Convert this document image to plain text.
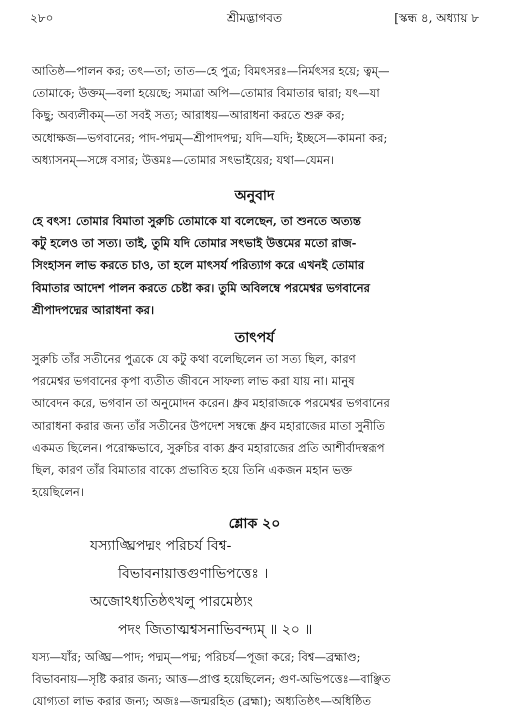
২৮০	শ্রীমদ্ভাগবত	[স্কন্ধ ৪, অধ্যায় ৮

আতিষ্ঠ—পালন কর; তৎ—তা; তাত—হে পুত্র; বিমৎসরঃ—নির্মৎসর হয়ে; ত্বম্—

তোমাকে; উক্তম্—বলা হয়েছে; সমাত্রা অপি—তোমার বিমাতার দ্বারা; যৎ—যা

কিছু; অব্যলীকম্—তা সবই সত্য; আরাধয়—আরাধনা করতে শুরু কর;

অধোক্ষজ—ভগবানের; পাদ-পদ্মম্—শ্রীপাদপদ্ম; যদি—যদি; ইচ্ছসে—কামনা কর;

অধ্যাসনম্—সঙ্গে বসার; উত্তমঃ—তোমার সৎভাইয়ের; যথা—যেমন।

অনুবাদ

হে বৎস! তোমার বিমাতা সুরুচি তোমাকে যা বলেছেন, তা শুনতে অত্যন্ত

কটু হলেও তা সত্য। তাই, তুমি যদি তোমার সৎভাই উত্তমের মতো রাজ-

সিংহাসন লাভ করতে চাও, তা হলে মাৎসর্য পরিত্যাগ করে এখনই তোমার

বিমাতার আদেশ পালন করতে চেষ্টা কর। তুমি অবিলম্বে পরমেশ্বর ভগবানের

শ্রীপাদপদ্মের আরাধনা কর।

তাৎপর্য

সুরুচি তাঁর সতীনের পুত্রকে যে কটু কথা বলেছিলেন তা সত্য ছিল, কারণ

পরমেশ্বর ভগবানের কৃপা ব্যতীত জীবনে সাফল্য লাভ করা যায় না। মানুষ

আবেদন করে, ভগবান তা অনুমোদন করেন। ধ্রুব মহারাজকে পরমেশ্বর ভগবানের

আরাধনা করার জন্য তাঁর সতীনের উপদেশ সম্বন্ধে ধ্রুব মহারাজের মাতা সুনীতি

একমত ছিলেন। পরোক্ষভাবে, সুরুচির বাক্য ধ্রুব মহারাজের প্রতি আশীর্বাদস্বরূপ

ছিল, কারণ তাঁর বিমাতার বাক্যে প্রভাবিত হয়ে তিনি একজন মহান ভক্ত

হয়েছিলেন।

শ্লোক ২০
যস্যাঙ্ঘ্রিপদ্মং পরিচর্য বিশ্ব-
বিভাবনায়াত্তগুণাভিপত্তেঃ ।
অজোঽধ্যতিষ্ঠৎখলু পারমেষ্ঠ্যং
পদং জিতাত্মশ্বসনাভিবন্দ্যম্ ॥ ২০ ॥

যস্য—যাঁর; অঙ্ঘ্রি—পাদ; পদ্মম্—পদ্ম; পরিচর্য—পূজা করে; বিশ্ব—ব্রহ্মাণ্ড;

বিভাবনায়—সৃষ্টি করার জন্য; আত্ত—প্রাপ্ত হয়েছিলেন; গুণ-অভিপত্তেঃ—বাঞ্ছিত

যোগ্যতা লাভ করার জন্য; অজঃ—জন্মরহিত (ব্রহ্মা); অধ্যতিষ্ঠৎ—অধিষ্ঠিত
